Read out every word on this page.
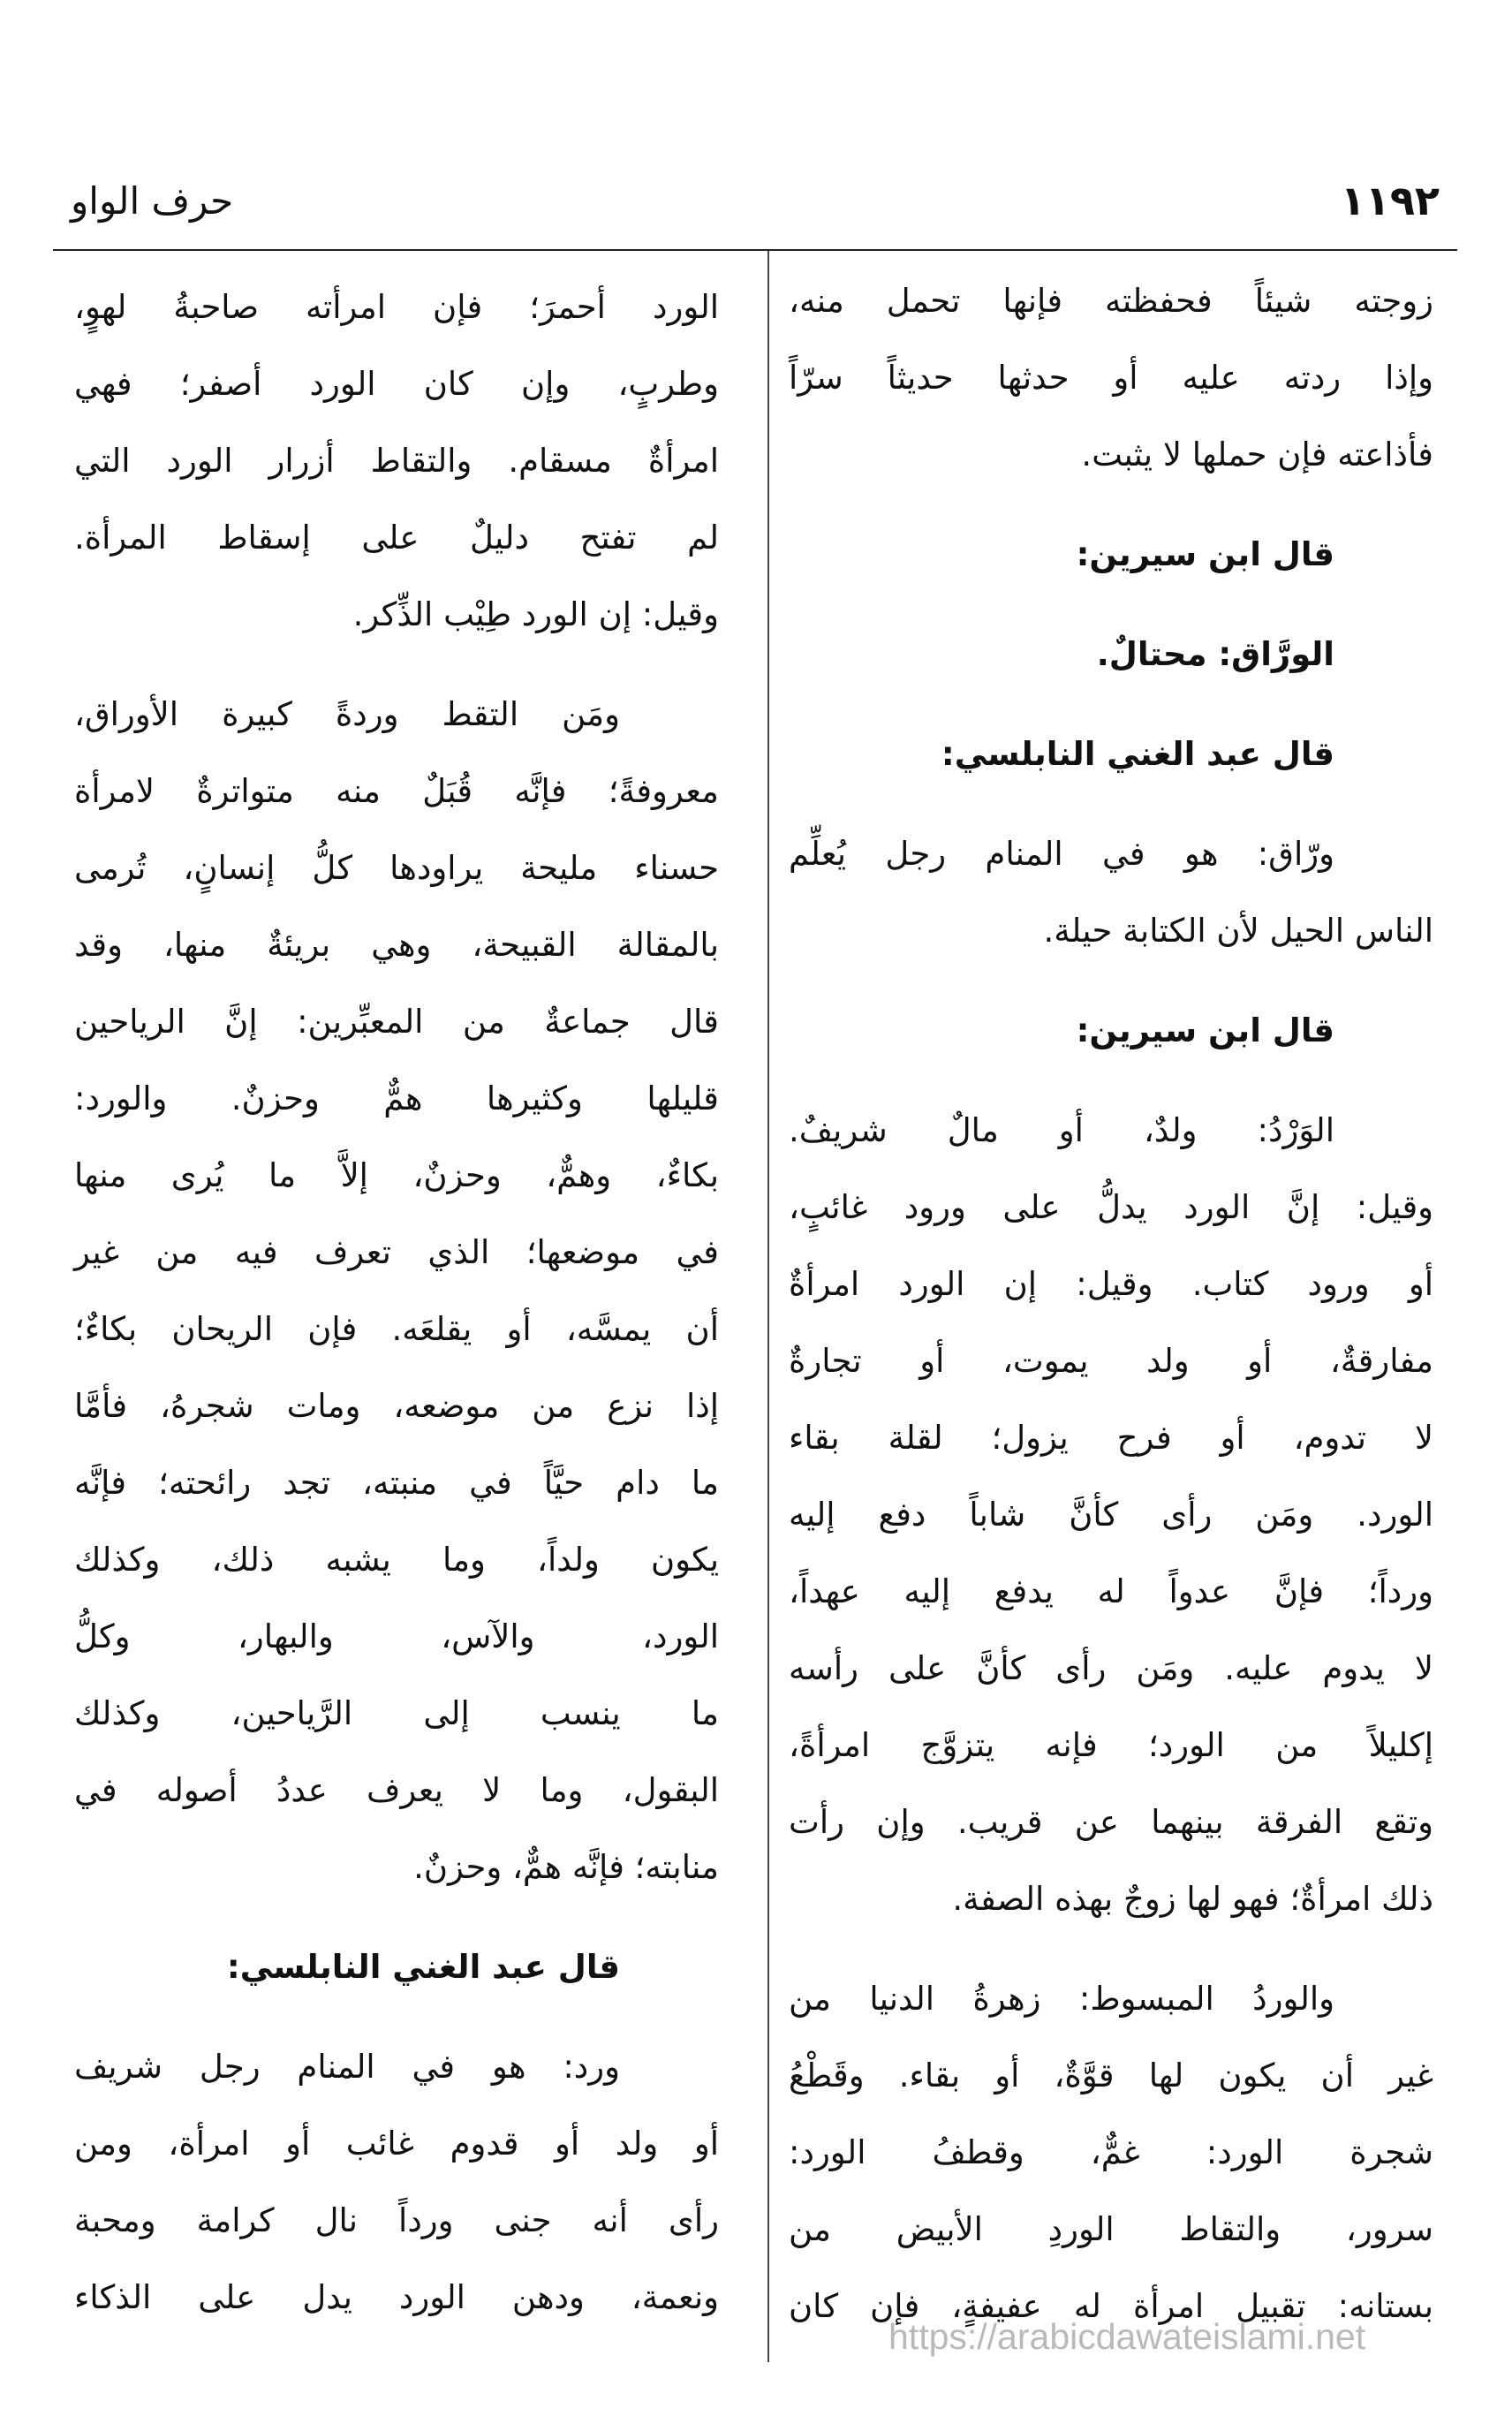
١١٩٢
حرف الواو
زوجته شيئاً فحفظته فإنها تحمل منه،
وإذا ردته عليه أو حدثها حديثاً سرّاً
فأذاعته فإن حملها لا يثبت.
قال ابن سيرين:
الورَّاق: محتالٌ.
قال عبد الغني النابلسي:
ورّاق: هو في المنام رجل يُعلِّم
الناس الحيل لأن الكتابة حيلة.
قال ابن سيرين:
الوَرْدُ: ولدٌ، أو مالٌ شريفٌ.
وقيل: إنَّ الورد يدلُّ على ورود غائبٍ،
أو ورود كتاب. وقيل: إن الورد امرأةٌ
مفارقةٌ، أو ولد يموت، أو تجارةٌ
لا تدوم، أو فرح يزول؛ لقلة بقاء
الورد. ومَن رأى كأنَّ شاباً دفع إليه
ورداً؛ فإنَّ عدواً له يدفع إليه عهداً،
لا يدوم عليه. ومَن رأى كأنَّ على رأسه
إكليلاً من الورد؛ فإنه يتزوَّج امرأةً،
وتقع الفرقة بينهما عن قريب. وإن رأت
ذلك امرأةٌ؛ فهو لها زوجٌ بهذه الصفة.
والوردُ المبسوط: زهرةُ الدنيا من
غير أن يكون لها قوَّةٌ، أو بقاء. وقَطْعُ
شجرة الورد: غمٌّ، وقطفُ الورد:
سرور، والتقاط الوردِ الأبيض من
بستانه: تقبيل امرأة له عفيفةٍ، فإن كان
الورد أحمرَ؛ فإن امرأته صاحبةُ لهوٍ،
وطربٍ، وإن كان الورد أصفر؛ فهي
امرأةٌ مسقام. والتقاط أزرار الورد التي
لم تفتح دليلٌ على إسقاط المرأة.
وقيل: إن الورد طِيْب الذِّكر.
ومَن التقط وردةً كبيرة الأوراق،
معروفةً؛ فإنَّه قُبَلٌ منه متواترةٌ لامرأة
حسناء مليحة يراودها كلُّ إنسانٍ، تُرمى
بالمقالة القبيحة، وهي بريئةٌ منها، وقد
قال جماعةٌ من المعبِّرين: إنَّ الرياحين
قليلها وكثيرها همٌّ وحزنٌ. والورد:
بكاءٌ، وهمٌّ، وحزنٌ، إلاَّ ما يُرى منها
في موضعها؛ الذي تعرف فيه من غير
أن يمسَّه، أو يقلعَه. فإن الريحان بكاءٌ؛
إذا نزع من موضعه، ومات شجرهُ، فأمَّا
ما دام حيَّاً في منبته، تجد رائحته؛ فإنَّه
يكون ولداً، وما يشبه ذلك، وكذلك
الورد، والآس، والبهار، وكلُّ
ما ينسب إلى الرَّياحين، وكذلك
البقول، وما لا يعرف عددُ أصوله في
منابته؛ فإنَّه همٌّ، وحزنٌ.
قال عبد الغني النابلسي:
ورد: هو في المنام رجل شريف
أو ولد أو قدوم غائب أو امرأة، ومن
رأى أنه جنى ورداً نال كرامة ومحبة
ونعمة، ودهن الورد يدل على الذكاء
https://arabicdawateislami.net
